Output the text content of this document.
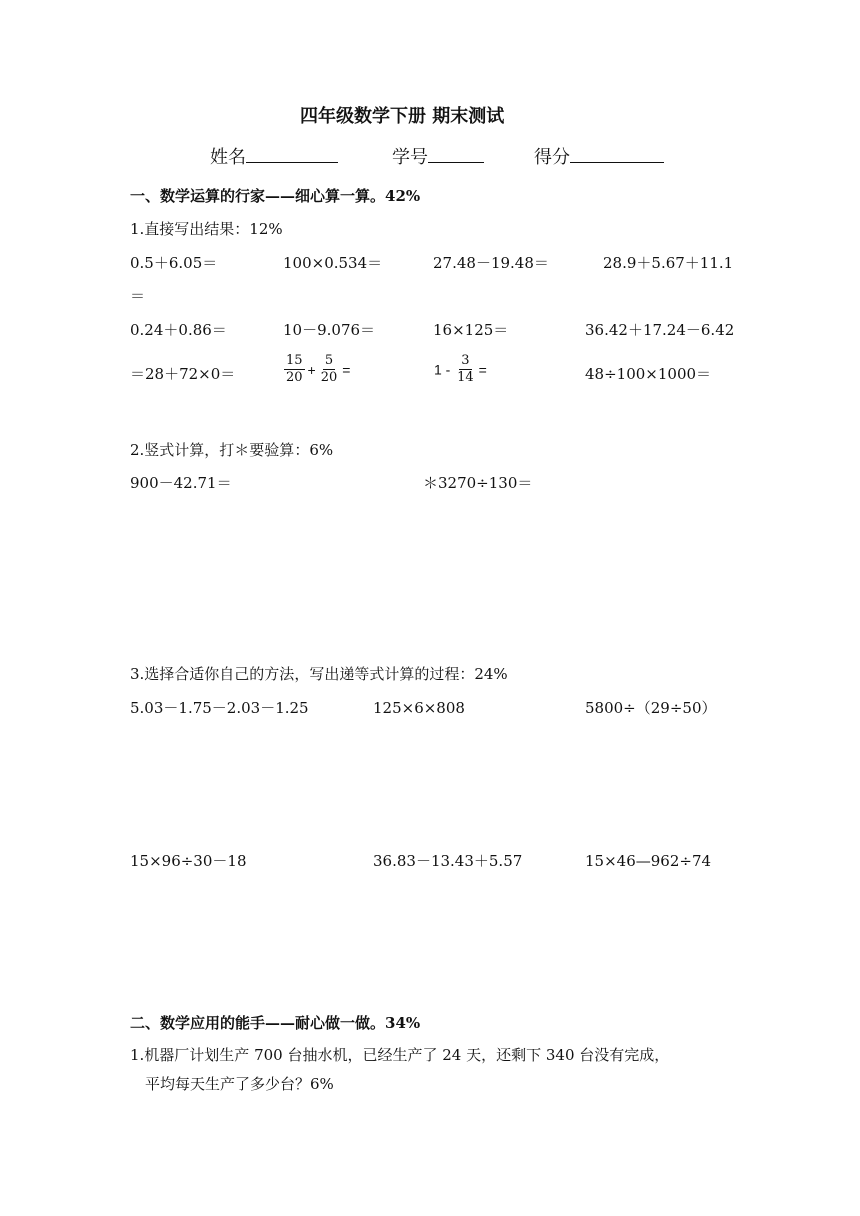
四年级数学下册 期末测试
姓名	学号	得分
一、数学运算的行家——细心算一算。42%
1.直接写出结果：12%
0.5＋6.05＝	100×0.534＝	27.48－19.48＝	28.9＋5.67＋11.1
＝
0.24＋0.86＝	10－9.076＝	16×125＝	36.42＋17.24－6.42
＝28＋72×0＝	$\frac{15}{20} + \frac{5}{20}$ =	$1 - \frac{3}{14}$ =	48÷100×1000＝
2.竖式计算，打＊要验算：6%
900－42.71＝	＊3270÷130＝
3.选择合适你自己的方法，写出递等式计算的过程：24%
5.03－1.75－2.03－1.25	125×6×808	5800÷（29÷50）
15×96÷30－18	36.83－13.43＋5.57	15×46—962÷74
二、数学应用的能手——耐心做一做。34%
1.机器厂计划生产 700 台抽水机，已经生产了 24 天，还剩下 340 台没有完成，
平均每天生产了多少台？6%
